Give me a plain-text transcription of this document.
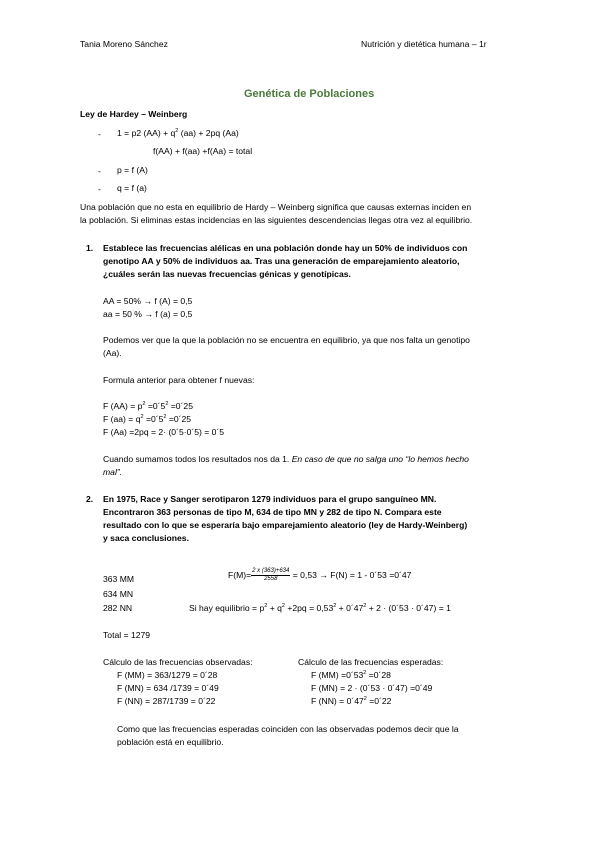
Tania Moreno Sánchez	Nutrición y dietética humana – 1r
Genética de Poblaciones
Ley de Hardey – Weinberg
- 1 = p2 $(AA) + q^2$ (aa) + 2pq (Aa)
f(AA) + f(aa) +f(Aa) = total
- p = f (A)
- q = f (a)
Una población que no esta en equilibrio de Hardy – Weinberg significa que causas externas inciden en
la población. Si eliminas estas incidencias en las siguientes descendencias llegas otra vez al equilibrio.
1. Establece las frecuencias alélicas en una población donde hay un 50% de individuos con
genotipo AA y 50% de individuos aa. Tras una generación de emparejamiento aleatorio,
¿cuáles serán las nuevas frecuencias génicas y genotípicas.
AA = 50% → f (A) = 0,5
aa = 50 % → f (a) = 0,5
Podemos ver que la que la población no se encuentra en equilibrio, ya que nos falta un genotipo
(Aa).
Formula anterior para obtener f nuevas:
F $(AA) = p^2$ $=0´5^2$ =0´25
F $(aa) = q^2$ $=0´5^2$ =0´25
F (Aa) =2pq = 2· (0´5·0´5) = 0´5
Cuando sumamos todos los resultados nos da 1. En caso de que no salga uno “lo hemos hecho
mal”.
2. En 1975, Race y Sanger serotiparon 1279 individuos para el grupo sanguíneo MN.
Encontraron 363 personas de tipo M, 634 de tipo MN y 282 de tipo N. Compara este
resultado con lo que se esperaría bajo emparejamiento aleatorio (ley de Hardy-Weinberg)
y saca conclusiones.
363 MM
634 MN
282 NN
$F(M)= \frac{2 x (363)+634}{2558} = 0,53 \to F(N) = 1$ - 0´53 =0´47
Si hay equilibrio = $p^2 + q^2 +2pq = 0,53^2$ + $0´47^2 + 2$ · (0´53 · 0´47) = 1
Total = 1279
Cálculo de las frecuencias observadas:
F (MM) = 363/1279 = 0´28
F (MN) = 634 /1739 = 0´49
F (NN) = 287/1739 = 0´22
Cálculo de las frecuencias esperadas:
F $(MM) =0´53^2$ =0´28
F (MN) = 2 · (0´53 · 0´47) =0´49
F $(NN) = 0´47^2$ =0´22
Como que las frecuencias esperadas coinciden con las observadas podemos decir que la
población está en equilibrio.
